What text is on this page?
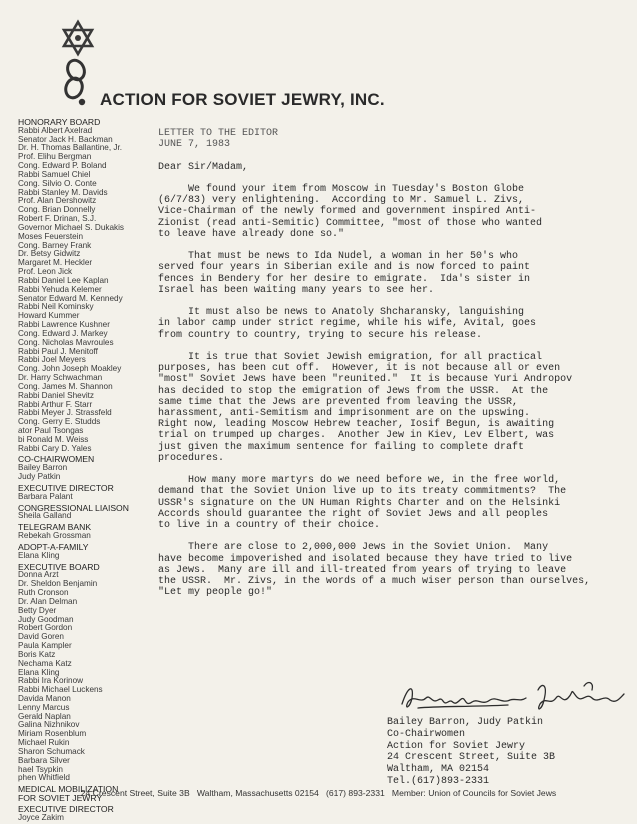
ACTION FOR SOVIET JEWRY, INC.
HONORARY BOARD
Rabbi Albert Axelrad
Senator Jack H. Backman
Dr. H. Thomas Ballantine, Jr.
Prof. Elihu Bergman
Cong. Edward P. Boland
Rabbi Samuel Chiel
Cong. Silvio O. Conte
Rabbi Stanley M. Davids
Prof. Alan Dershowitz
Cong. Brian Donnelly
Robert F. Drinan, S.J.
Governor Michael S. Dukakis
Moses Feuerstein
Cong. Barney Frank
Dr. Betsy Gidwitz
Margaret M. Heckler
Prof. Leon Jick
Rabbi Daniel Lee Kaplan
Rabbi Yehuda Kelemer
Senator Edward M. Kennedy
Rabbi Neil Kominsky
Howard Kummer
Rabbi Lawrence Kushner
Cong. Edward J. Markey
Cong. Nicholas Mavroules
Rabbi Paul J. Menitoff
Rabbi Joel Meyers
Cong. John Joseph Moakley
Dr. Harry Schwachman
Cong. James M. Shannon
Rabbi Daniel Shevitz
Rabbi Arthur F. Starr
Rabbi Meyer J. Strassfeld
Cong. Gerry E. Studds
ator Paul Tsongas
bi Ronald M. Weiss
Rabbi Cary D. Yales
CO-CHAIRWOMEN
Bailey Barron
Judy Patkin
EXECUTIVE DIRECTOR
Barbara Palant
CONGRESSIONAL LIAISON
Sheila Galland
TELEGRAM BANK
Rebekah Grossman
ADOPT-A-FAMILY
Elana Kling
EXECUTIVE BOARD
Donna Arzt
Dr. Sheldon Benjamin
Ruth Cronson
Dr. Alan Delman
Betty Dyer
Judy Goodman
Robert Gordon
David Goren
Paula Kampler
Boris Katz
Nechama Katz
Elana Kling
Rabbi Ira Korinow
Rabbi Michael Luckens
Davida Manon
Lenny Marcus
Gerald Naplan
Galina Nizhnikov
Miriam Rosenblum
Michael Rukin
Sharon Schumack
Barbara Silver
hael Tsypkin
phen Whitfield
MEDICAL MOBILIZATION
FOR SOVIET JEWRY
EXECUTIVE DIRECTOR
Joyce Zakim
LETTER TO THE EDITOR
JUNE 7, 1983
Dear Sir/Madam,
We found your item from Moscow in Tuesday's Boston Globe
(6/7/83) very enlightening.  According to Mr. Samuel L. Zivs,
Vice-Chairman of the newly formed and government inspired Anti-
Zionist (read anti-Semitic) Committee, "most of those who wanted
to leave have already done so."
That must be news to Ida Nudel, a woman in her 50's who
served four years in Siberian exile and is now forced to paint
fences in Bendery for her desire to emigrate.  Ida's sister in
Israel has been waiting many years to see her.
It must also be news to Anatoly Shcharansky, languishing
in labor camp under strict regime, while his wife, Avital, goes
from country to country, trying to secure his release.
It is true that Soviet Jewish emigration, for all practical
purposes, has been cut off.  However, it is not because all or even
"most" Soviet Jews have been "reunited."  It is because Yuri Andropov
has decided to stop the emigration of Jews from the USSR.  At the
same time that the Jews are prevented from leaving the USSR,
harassment, anti-Semitism and imprisonment are on the upswing.
Right now, leading Moscow Hebrew teacher, Iosif Begun, is awaiting
trial on trumped up charges.  Another Jew in Kiev, Lev Elbert, was
just given the maximum sentence for failing to complete draft
procedures.
How many more martyrs do we need before we, in the free world,
demand that the Soviet Union live up to its treaty commitments?  The
USSR's signature on the UN Human Rights Charter and on the Helsinki
Accords should guarantee the right of Soviet Jews and all peoples
to live in a country of their choice.
There are close to 2,000,000 Jews in the Soviet Union.  Many
have become impoverished and isolated because they have tried to live
as Jews.  Many are ill and ill-treated from years of trying to leave
the USSR.  Mr. Zivs, in the words of a much wiser person than ourselves,
"Let my people go!"
Bailey Barron, Judy Patkin
Co-Chairwomen
Action for Soviet Jewry
24 Crescent Street, Suite 3B
Waltham, MA 02154
Tel.(617)893-2331
24 Crescent Street, Suite 3B   Waltham, Massachusetts 02154   (617) 893-2331   Member: Union of Councils for Soviet Jews
